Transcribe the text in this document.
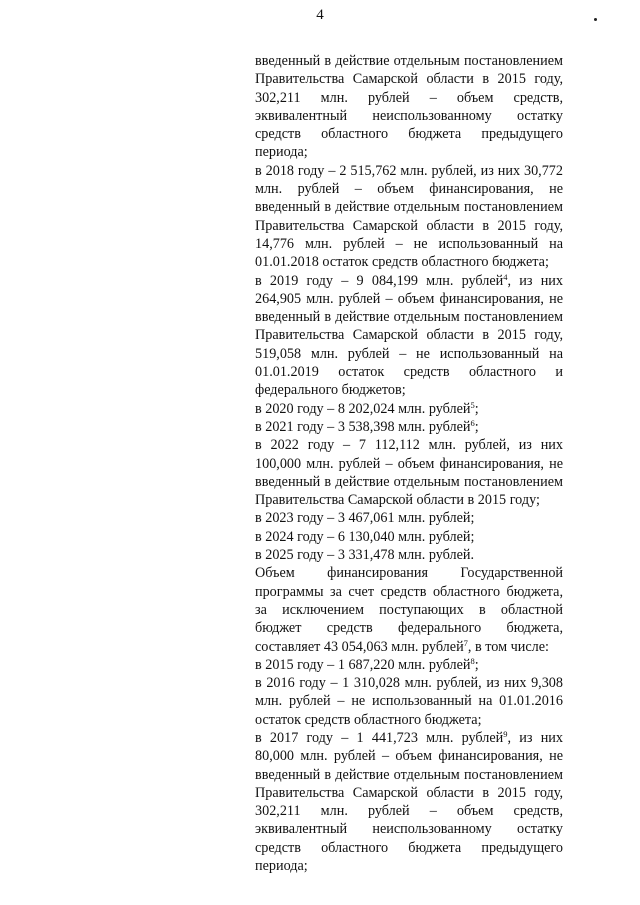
4

введенный в действие отдельным постановлением Правительства Самарской области в 2015 году, 302,211 млн. рублей – объем средств, эквивалентный неиспользованному остатку средств областного бюджета предыдущего периода;

в 2018 году – 2 515,762 млн. рублей, из них 30,772 млн. рублей – объем финансирования, не введенный в действие отдельным постановлением Правительства Самарской области в 2015 году, 14,776 млн. рублей – не использованный на 01.01.2018 остаток средств областного бюджета;

в 2019 году – 9 084,199 млн. рублей$^4$, из них 264,905 млн. рублей – объем финансирования, не введенный в действие отдельным постановлением Правительства Самарской области в 2015 году, 519,058 млн. рублей – не использованный на 01.01.2019 остаток средств областного и федерального бюджетов;

в 2020 году – 8 202,024 млн. рублей$^5$;

в 2021 году – 3 538,398 млн. рублей$^6$;

в 2022 году – 7 112,112 млн. рублей, из них 100,000 млн. рублей – объем финансирования, не введенный в действие отдельным постановлением Правительства Самарской области в 2015 году;

в 2023 году – 3 467,061 млн. рублей;

в 2024 году – 6 130,040 млн. рублей;

в 2025 году – 3 331,478 млн. рублей.

Объем финансирования Государственной программы за счет средств областного бюджета, за исключением поступающих в областной бюджет средств федерального бюджета, составляет 43 054,063 млн. рублей$^7$, в том числе:

в 2015 году – 1 687,220 млн. рублей$^8$;

в 2016 году – 1 310,028 млн. рублей, из них 9,308 млн. рублей – не использованный на 01.01.2016 остаток средств областного бюджета;

в 2017 году – 1 441,723 млн. рублей$^9$, из них 80,000 млн. рублей – объем финансирования, не введенный в действие отдельным постановлением Правительства Самарской области в 2015 году, 302,211 млн. рублей – объем средств, эквивалентный неиспользованному остатку средств областного бюджета предыдущего периода;
